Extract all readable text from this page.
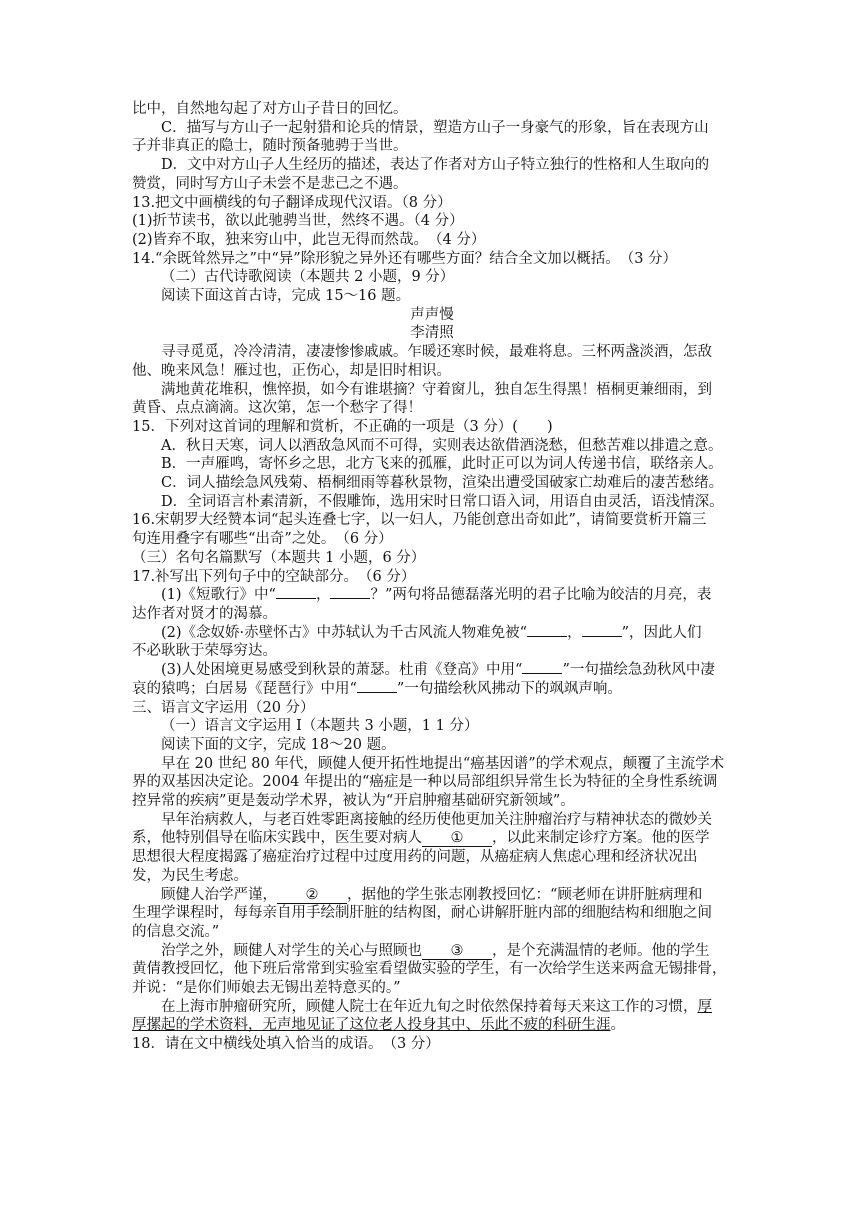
比中，自然地勾起了对方山子昔日的回忆。
C．描写与方山子一起射猎和论兵的情景，塑造方山子一身豪气的形象，旨在表现方山
子并非真正的隐士，随时预备驰骋于当世。
D．文中对方山子人生经历的描述，表达了作者对方山子特立独行的性格和人生取向的
赞赏，同时写方山子未尝不是悲己之不遇。
13.把文中画横线的句子翻译成现代汉语。（8 分）
(1)折节读书，欲以此驰骋当世，然终不遇。（4 分）
(2)皆弃不取，独来穷山中，此岂无得而然哉。　（4 分）
14.“余既耸然异之”中“异”除形貌之异外还有哪些方面？结合全文加以概括。　（3 分）
（二）古代诗歌阅读（本题共 2 小题，9 分）
阅读下面这首古诗，完成 15～16 题。
声声慢
李清照
寻寻觅觅，冷冷清清，凄凄惨惨戚戚。乍暖还寒时候，最难将息。三杯两盏淡酒，怎敌
他、晚来风急！雁过也，正伤心，却是旧时相识。
满地黄花堆积，憔悴损，如今有谁堪摘？守着窗儿，独自怎生得黑！梧桐更兼细雨，到
黄昏、点点滴滴。这次第，怎一个愁字了得！
15．下列对这首词的理解和赏析，不正确的一项是（3 分）(　　)
A．秋日天寒，词人以酒敌急风而不可得，实则表达欲借酒浇愁，但愁苦难以排遣之意。
B．一声雁鸣，寄怀乡之思，北方飞来的孤雁，此时正可以为词人传递书信，联络亲人。
C．词人描绘急风残菊、梧桐细雨等暮秋景物，渲染出遭受国破家亡劫难后的凄苦愁绪。
D．全词语言朴素清新，不假雕饰，选用宋时日常口语入词，用语自由灵活，语浅情深。
16.宋朝罗大经赞本词“起头连叠七字，以一妇人，乃能创意出奇如此”，请简要赏析开篇三
句连用叠字有哪些“出奇”之处。　（6 分）
（三）名句名篇默写（本题共 1 小题，6 分）
17.补写出下列句子中的空缺部分。　（6 分）
(1)《短歌行》中“	，	？”两句将品德磊落光明的君子比喻为皎洁的月亮，表
达作者对贤才的渴慕。
(2)《念奴娇·赤壁怀古》中苏轼认为千古风流人物难免被“	，	”，因此人们
不必耿耿于荣辱穷达。
(3)人处困境更易感受到秋景的萧瑟。杜甫《登高》中用“	”一句描绘急劲秋风中凄
哀的猿鸣；白居易《琵琶行》中用“	”一句描绘秋风拂动下的飒飒声响。
三、语言文字运用（20 分）
（一）语言文字运用 I（本题共 3 小题，1 1 分）
阅读下面的文字，完成 18～20 题。
早在 20 世纪 80 年代，顾健人便开拓性地提出“癌基因谱”的学术观点，颠覆了主流学术
界的双基因决定论。2004 年提出的“癌症是一种以局部组织异常生长为特征的全身性系统调
控异常的疾病”更是轰动学术界，被认为“开启肿瘤基础研究新领域”。
早年治病救人，与老百姓零距离接触的经历使他更加关注肿瘤治疗与精神状态的微妙关
系，他特别倡导在临床实践中，医生要对病人 ① ，以此来制定诊疗方案。他的医学
思想很大程度揭露了癌症治疗过程中过度用药的问题，从癌症病人焦虑心理和经济状况出
发，为民生考虑。
顾健人治学严谨， ② ，据他的学生张志刚教授回忆：“顾老师在讲肝脏病理和
生理学课程时，每每亲自用手绘制肝脏的结构图，耐心讲解肝脏内部的细胞结构和细胞之间
的信息交流。”
治学之外，顾健人对学生的关心与照顾也 ③ ，是个充满温情的老师。他的学生
黄倩教授回忆，他下班后常常到实验室看望做实验的学生，有一次给学生送来两盒无锡排骨，
并说：“是你们师娘去无锡出差特意买的。”
在上海市肿瘤研究所，顾健人院士在年近九旬之时依然保持着每天来这工作的习惯，厚
厚摞起的学术资料，无声地见证了这位老人投身其中、乐此不疲的科研生涯。
18．请在文中横线处填入恰当的成语。　（3 分）
